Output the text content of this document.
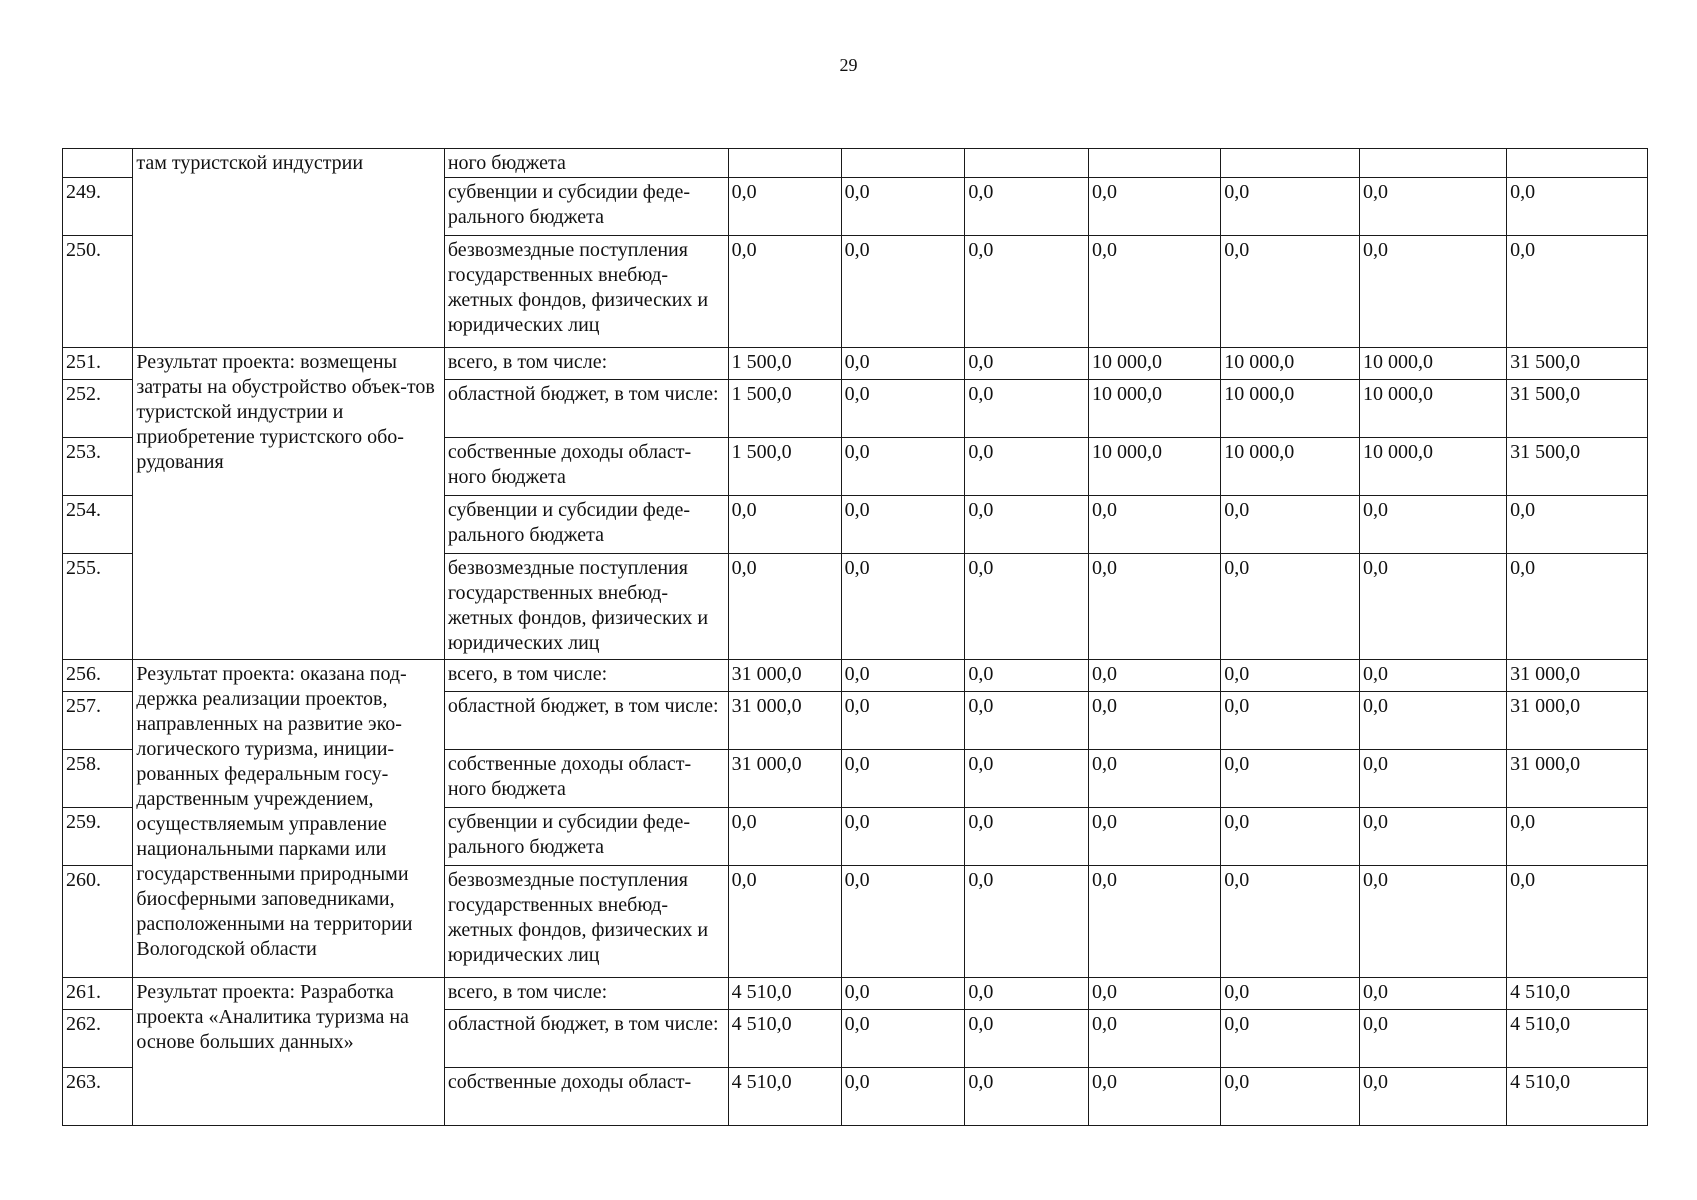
29
	там туристской индустрии	ного бюджета							
249.		субвенции и субсидии феде-рального бюджета	0,0	0,0	0,0	0,0	0,0	0,0	0,0
250.		безвозмездные поступления государственных внебюд-жетных фондов, физических и юридических лиц	0,0	0,0	0,0	0,0	0,0	0,0	0,0
251.	Результат проекта: возмещены затраты на обустройство объек-тов туристской индустрии и приобретение туристского обо-рудования	всего, в том числе:	1 500,0	0,0	0,0	10 000,0	10 000,0	10 000,0	31 500,0
252.		областной бюджет, в том числе:	1 500,0	0,0	0,0	10 000,0	10 000,0	10 000,0	31 500,0
253.		собственные доходы област-ного бюджета	1 500,0	0,0	0,0	10 000,0	10 000,0	10 000,0	31 500,0
254.		субвенции и субсидии феде-рального бюджета	0,0	0,0	0,0	0,0	0,0	0,0	0,0
255.		безвозмездные поступления государственных внебюд-жетных фондов, физических и юридических лиц	0,0	0,0	0,0	0,0	0,0	0,0	0,0
256.	Результат проекта: оказана под-держка реализации проектов, направленных на развитие эко-логического туризма, иниции-рованных федеральным госу-дарственным учреждением, осуществляемым управление национальными парками или государственными природными биосферными заповедниками, расположенными на территории Вологодской области	всего, в том числе:	31 000,0	0,0	0,0	0,0	0,0	0,0	31 000,0
257.		областной бюджет, в том числе:	31 000,0	0,0	0,0	0,0	0,0	0,0	31 000,0
258.		собственные доходы област-ного бюджета	31 000,0	0,0	0,0	0,0	0,0	0,0	31 000,0
259.		субвенции и субсидии феде-рального бюджета	0,0	0,0	0,0	0,0	0,0	0,0	0,0
260.		безвозмездные поступления государственных внебюд-жетных фондов, физических и юридических лиц	0,0	0,0	0,0	0,0	0,0	0,0	0,0
261.	Результат проекта: Разработка проекта «Аналитика туризма на основе больших данных»	всего, в том числе:	4 510,0	0,0	0,0	0,0	0,0	0,0	4 510,0
262.		областной бюджет, в том числе:	4 510,0	0,0	0,0	0,0	0,0	0,0	4 510,0
263.		собственные доходы област-	4 510,0	0,0	0,0	0,0	0,0	0,0	4 510,0
